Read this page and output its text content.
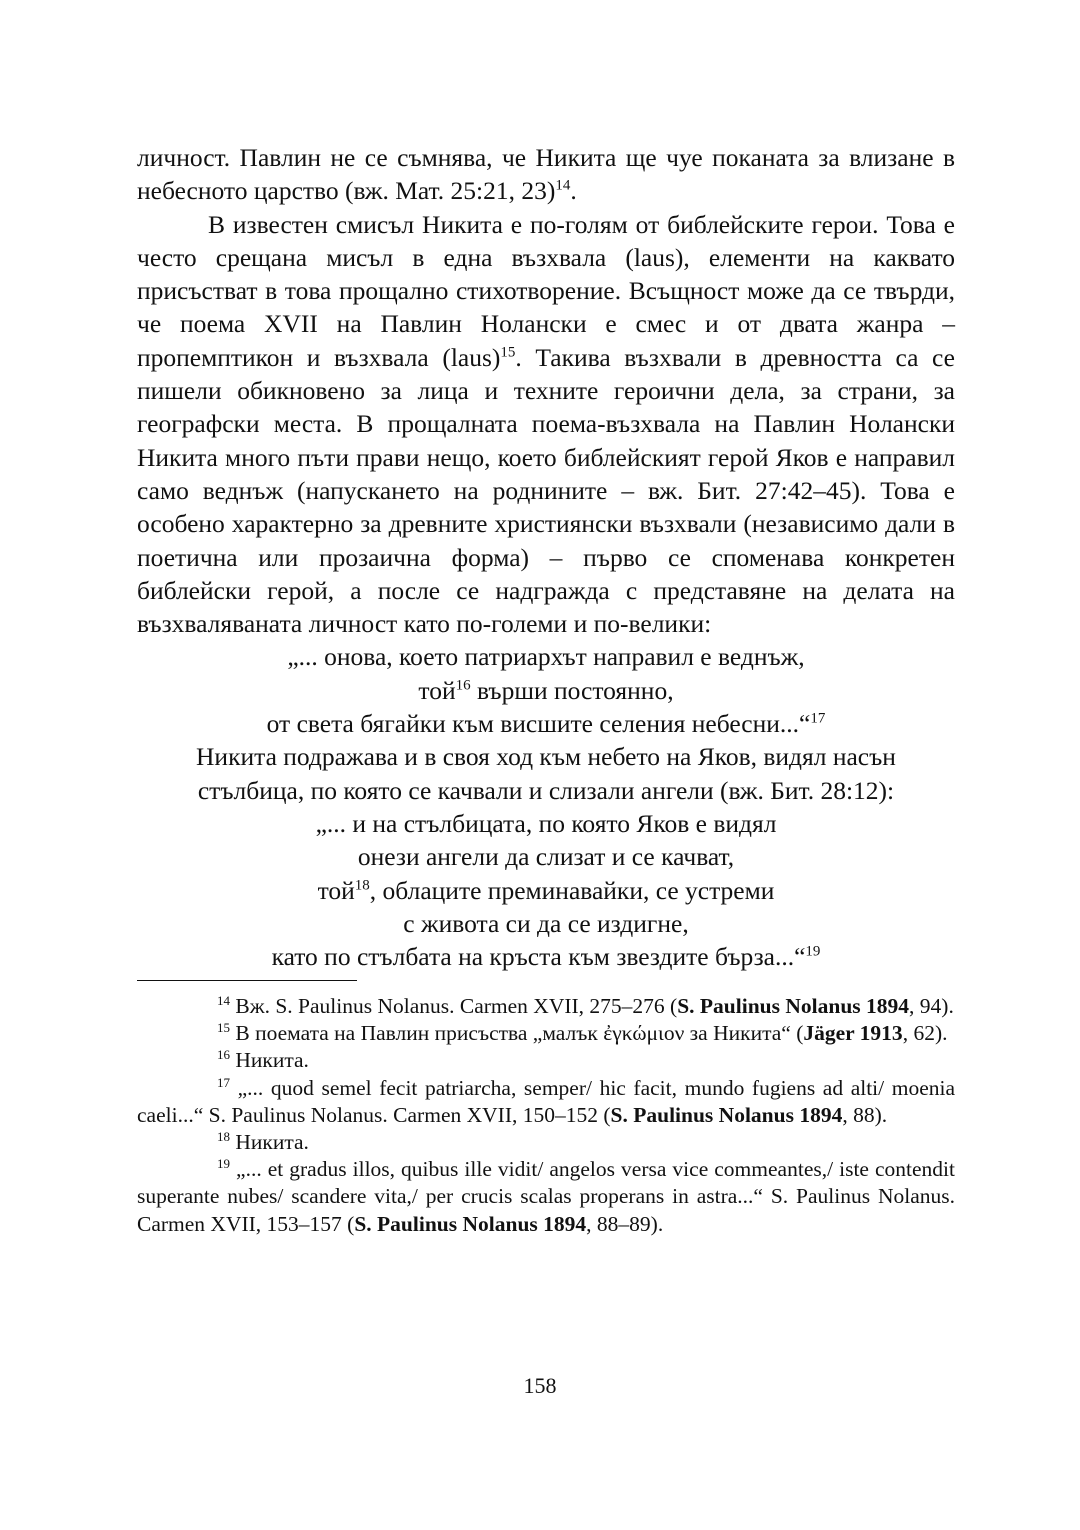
личност. Павлин не се съмнява, че Никита ще чуе поканата за влизане в небесното царство (вж. Мат. 25:21, 23)$^{14}$.

В известен смисъл Никита е по-голям от библейските герои. Това е често срещана мисъл в една възхвала (laus), елементи на каквато присъстват в това прощално стихотворение. Всъщност може да се твърди, че поема XVII на Павлин Нолански е смес и от двата жанра – пропемптикон и възхвала (laus)$^{15}$. Такива възхвали в древността са се пишели обикновено за лица и техните героични дела, за страни, за географски места. В прощалната поема-възхвала на Павлин Нолански Никита много пъти прави нещо, което библейският герой Яков е направил само веднъж (напускането на роднините – вж. Бит. 27:42–45). Това е особено характерно за древните християнски възхвали (независимо дали в поетична или прозаична форма) – първо се споменава конкретен библейски герой, а после се надгражда с представяне на делата на възхваляваната личност като по-големи и по-велики:

„... онова, което патриархът направил е веднъж,

той$^{16}$ върши постоянно,

от света бягайки към висшите селения небесни...“$^{17}$

Никита подражава и в своя ход към небето на Яков, видял насън

стълбица, по която се качвали и слизали ангели (вж. Бит. 28:12):

„... и на стълбицата, по която Яков е видял

онези ангели да слизат и се качват,

той$^{18}$, облаците преминавайки, се устреми

с живота си да се издигне,

като по стълбата на кръста към звездите бърза...“$^{19}$

$^{14}$ Вж. S. Paulinus Nolanus. Carmen XVII, 275–276 (S. Paulinus Nolanus 1894, 94).

$^{15}$ В поемата на Павлин присъства „малък ἐγκώμιον за Никита“ (Jäger 1913, 62).

$^{16}$ Никита.

$^{17}$ „... quod semel fecit patriarcha, semper/ hic facit, mundo fugiens ad alti/ moenia caeli...“ S. Paulinus Nolanus. Carmen XVII, 150–152 (S. Paulinus Nolanus 1894, 88).

$^{18}$ Никита.

$^{19}$ „... et gradus illos, quibus ille vidit/ angelos versa vice commeantes,/ iste contendit superante nubes/ scandere vita,/ per crucis scalas properans in astra...“ S. Paulinus Nolanus. Carmen XVII, 153–157 (S. Paulinus Nolanus 1894, 88–89).

158
